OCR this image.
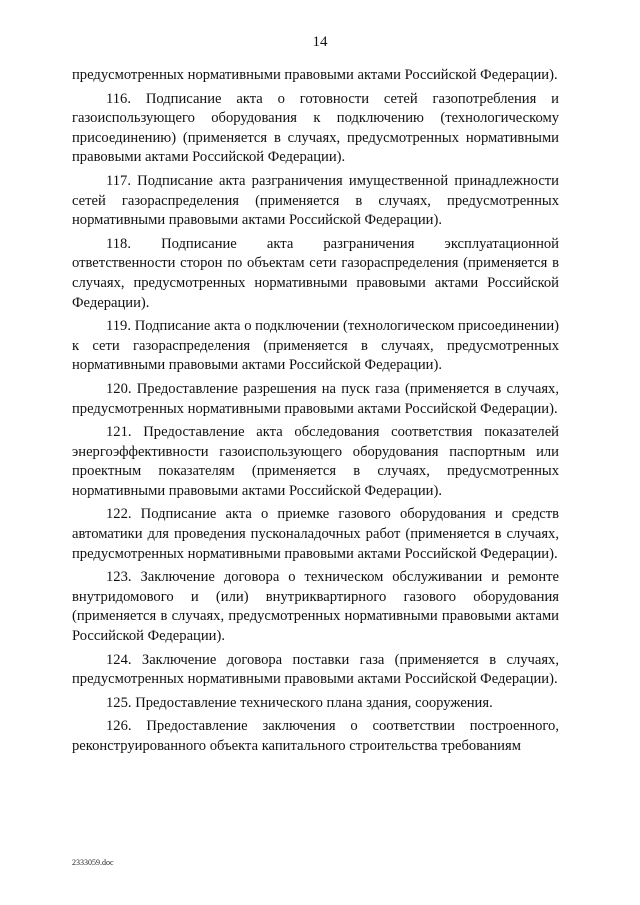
14

предусмотренных нормативными правовыми актами Российской Федерации).

116. Подписание акта о готовности сетей газопотребления и газоиспользующего оборудования к подключению (технологическому присоединению) (применяется в случаях, предусмотренных нормативными правовыми актами Российской Федерации).

117. Подписание акта разграничения имущественной принадлежности сетей газораспределения (применяется в случаях, предусмотренных нормативными правовыми актами Российской Федерации).

118. Подписание акта разграничения эксплуатационной ответственности сторон по объектам сети газораспределения (применяется в случаях, предусмотренных нормативными правовыми актами Российской Федерации).

119. Подписание акта о подключении (технологическом присоединении) к сети газораспределения (применяется в случаях, предусмотренных нормативными правовыми актами Российской Федерации).

120. Предоставление разрешения на пуск газа (применяется в случаях, предусмотренных нормативными правовыми актами Российской Федерации).

121. Предоставление акта обследования соответствия показателей энергоэффективности газоиспользующего оборудования паспортным или проектным показателям (применяется в случаях, предусмотренных нормативными правовыми актами Российской Федерации).

122. Подписание акта о приемке газового оборудования и средств автоматики для проведения пусконаладочных работ (применяется в случаях, предусмотренных нормативными правовыми актами Российской Федерации).

123. Заключение договора о техническом обслуживании и ремонте внутридомового и (или) внутриквартирного газового оборудования (применяется в случаях, предусмотренных нормативными правовыми актами Российской Федерации).

124. Заключение договора поставки газа (применяется в случаях, предусмотренных нормативными правовыми актами Российской Федерации).

125. Предоставление технического плана здания, сооружения.

126. Предоставление заключения о соответствии построенного, реконструированного объекта капитального строительства требованиям

2333059.doc
